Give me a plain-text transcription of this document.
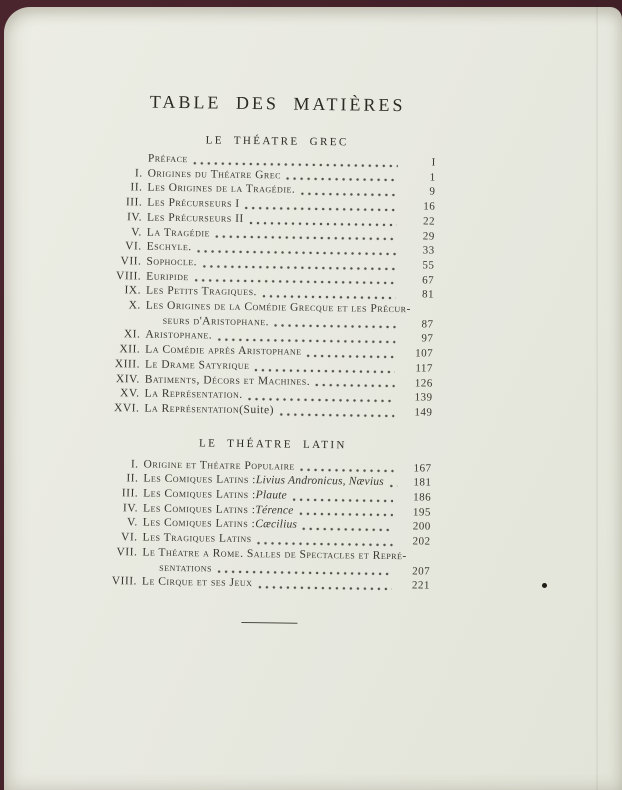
TABLE DES MATIÈRES
LE THÉATRE GREC
Préface	I
I. Origines du Théatre Grec	1
II. Les Origines de la Tragédie.	9
III. Les Précurseurs I	16
IV. Les Précurseurs II	22
V. La Tragédie	29
VI. Eschyle.	33
VII. Sophocle.	55
VIII. Euripide	67
IX. Les Petits Tragiques.	81
X. Les Origines de la Comédie Grecque et les Précur-
seurs d'Aristophane.	87
XI. Aristophane.	97
XII. La Comédie après Aristophane	107
XIII. Le Drame Satyrique	117
XIV. Batiments, Décors et Machines.	126
XV. La Représentation.	139
XVI. La Représentation (Suite)	149
LE THÉATRE LATIN
I. Origine et Théatre Populaire	167
II. Les Comiques Latins : Livius Andronicus, Nævius	181
III. Les Comiques Latins : Plaute	186
IV. Les Comiques Latins : Térence	195
V. Les Comiques Latins : Cæcilius	200
VI. Les Tragiques Latins	202
VII. Le Théatre a Rome. Salles de Spectacles et Repré-
sentations	207
VIII. Le Cirque et ses Jeux	221
